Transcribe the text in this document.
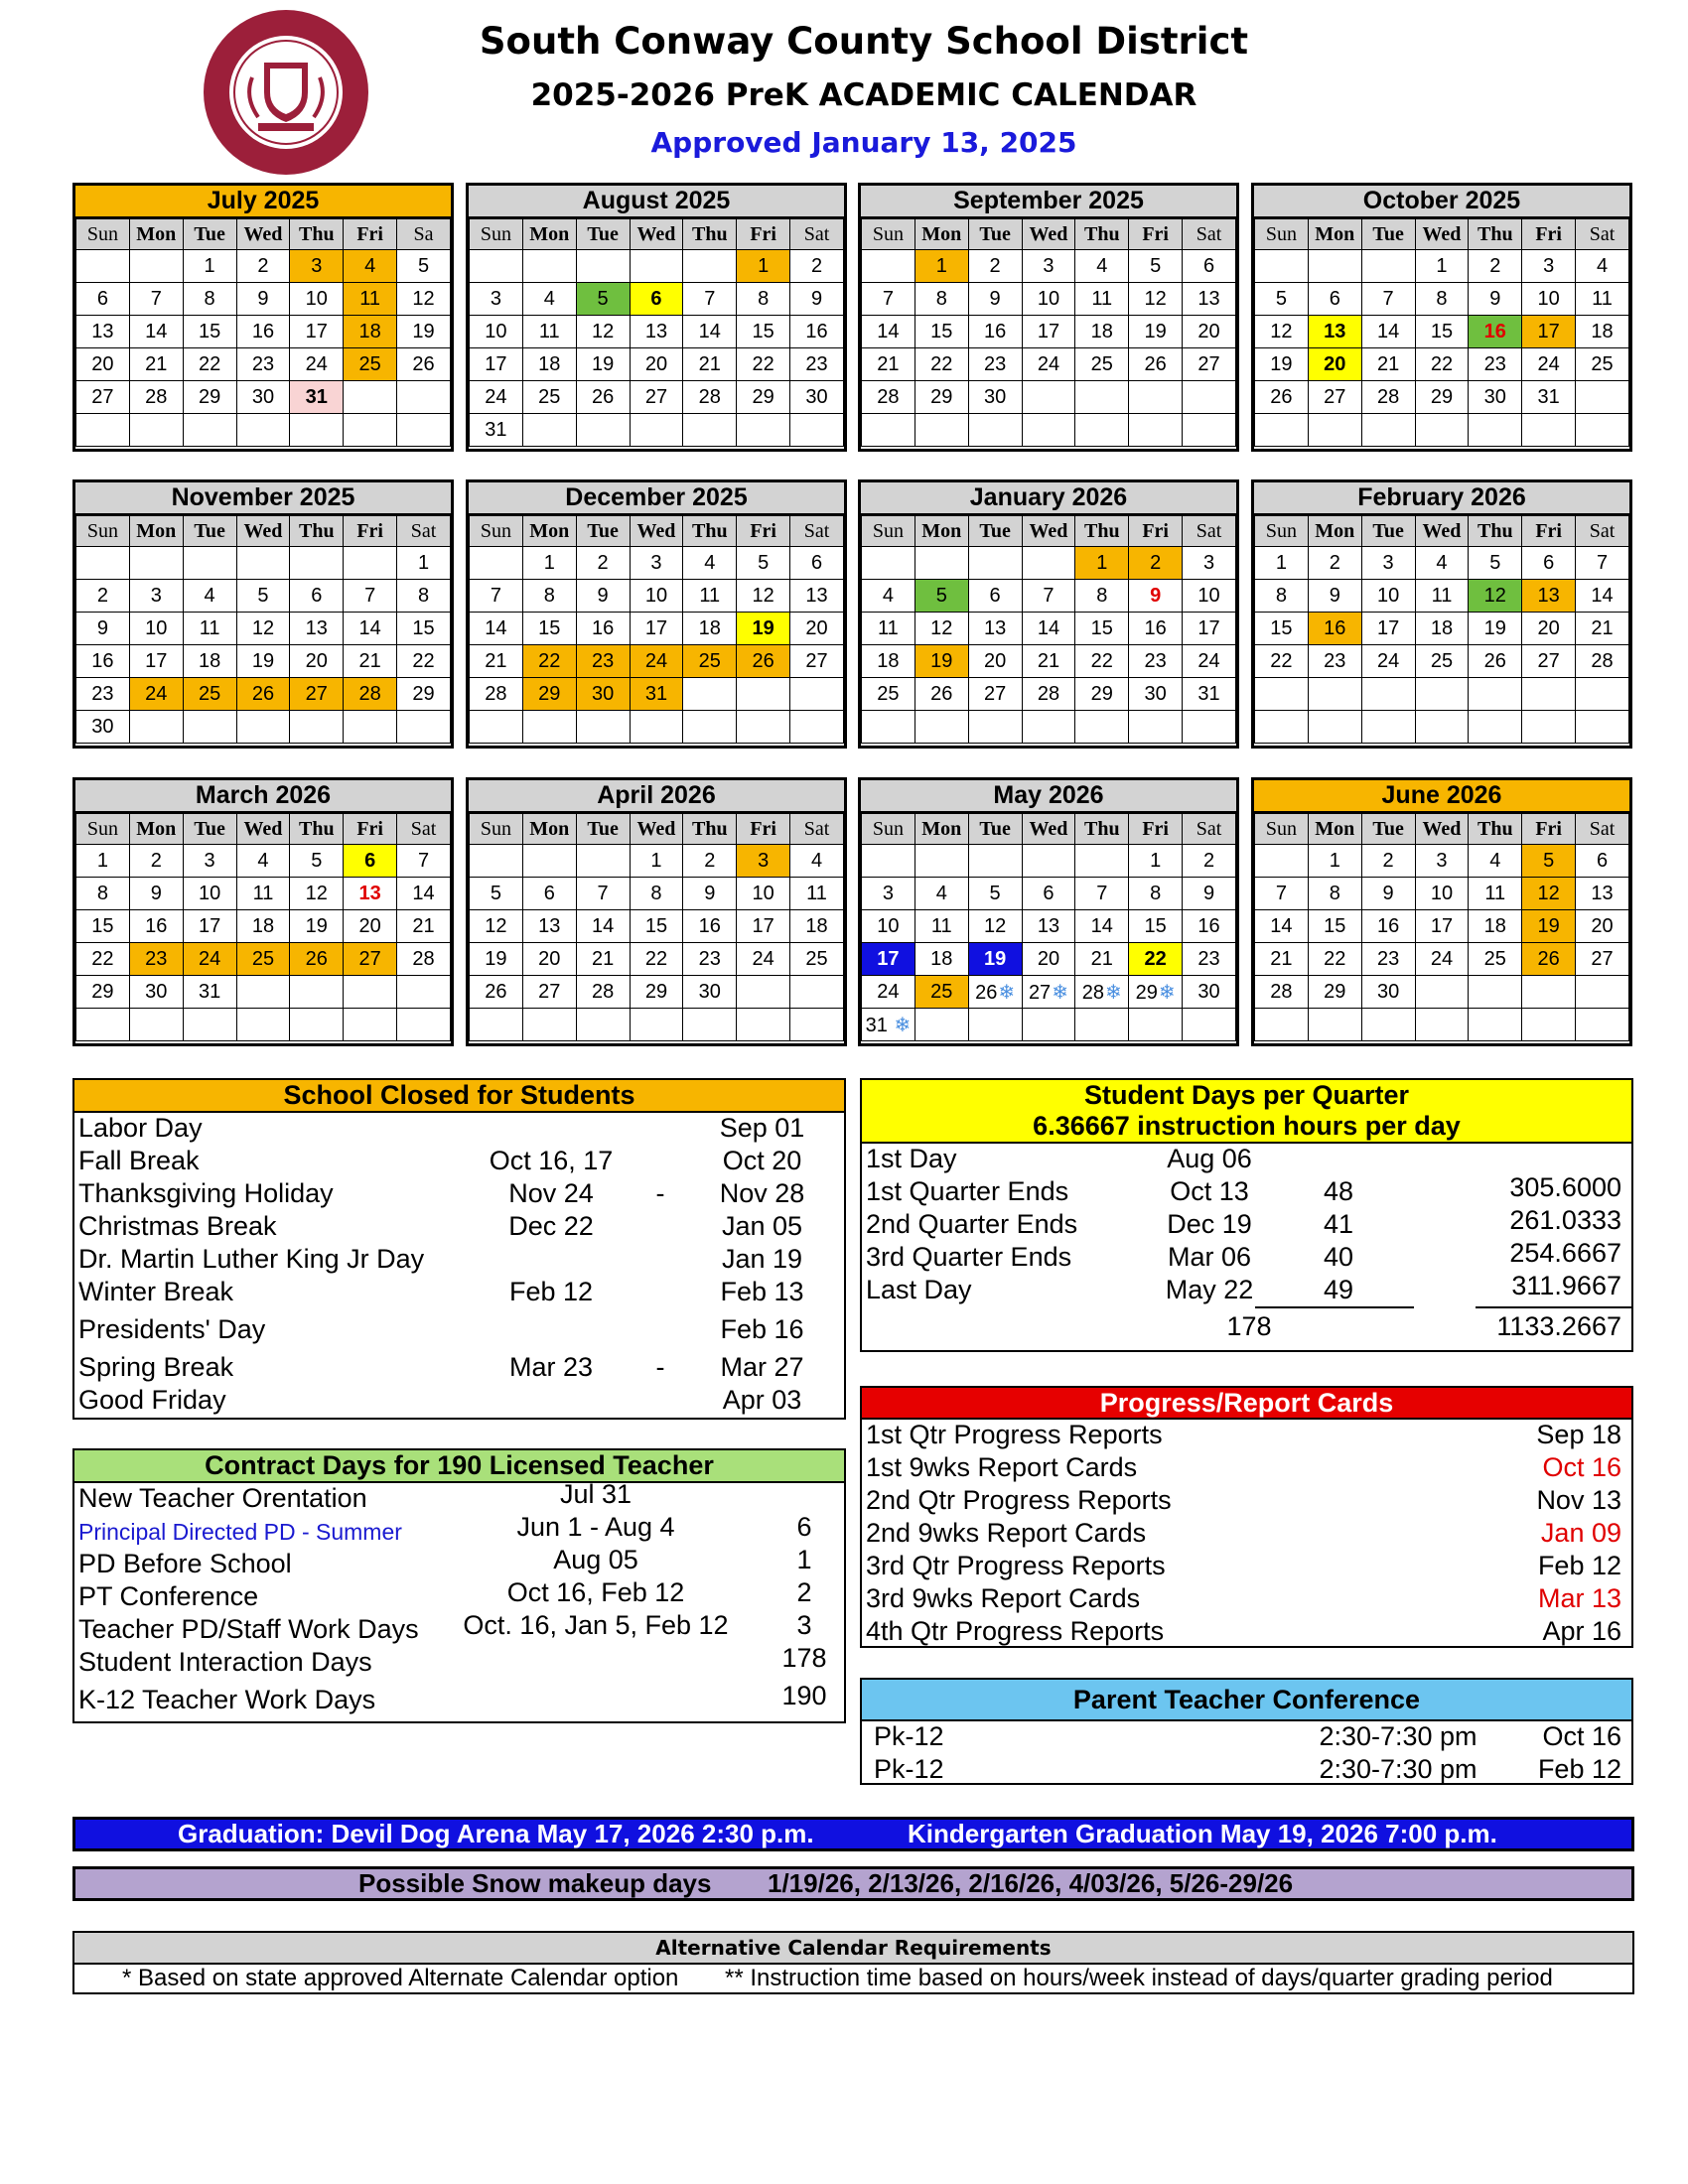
South Conway County School District
2025-2026 PreK ACADEMIC CALENDAR
Approved January 13, 2025
July 2025
Sun	Mon	Tue	Wed	Thu	Fri	Sa
		1	2	3	4	5
6	7	8	9	10	11	12
13	14	15	16	17	18	19
20	21	22	23	24	25	26
27	28	29	30	31		

August 2025
Sun	Mon	Tue	Wed	Thu	Fri	Sat
					1	2
3	4	5	6	7	8	9
10	11	12	13	14	15	16
17	18	19	20	21	22	23
24	25	26	27	28	29	30
31						
September 2025
Sun	Mon	Tue	Wed	Thu	Fri	Sat
	1	2	3	4	5	6
7	8	9	10	11	12	13
14	15	16	17	18	19	20
21	22	23	24	25	26	27
28	29	30				

October 2025
Sun	Mon	Tue	Wed	Thu	Fri	Sat
			1	2	3	4
5	6	7	8	9	10	11
12	13	14	15	16	17	18
19	20	21	22	23	24	25
26	27	28	29	30	31	

November 2025
Sun	Mon	Tue	Wed	Thu	Fri	Sat
						1
2	3	4	5	6	7	8
9	10	11	12	13	14	15
16	17	18	19	20	21	22
23	24	25	26	27	28	29
30						
December 2025
Sun	Mon	Tue	Wed	Thu	Fri	Sat
	1	2	3	4	5	6
7	8	9	10	11	12	13
14	15	16	17	18	19	20
21	22	23	24	25	26	27
28	29	30	31			

January 2026
Sun	Mon	Tue	Wed	Thu	Fri	Sat
				1	2	3
4	5	6	7	8	9	10
11	12	13	14	15	16	17
18	19	20	21	22	23	24
25	26	27	28	29	30	31

February 2026
Sun	Mon	Tue	Wed	Thu	Fri	Sat
1	2	3	4	5	6	7
8	9	10	11	12	13	14
15	16	17	18	19	20	21
22	23	24	25	26	27	28

March 2026
Sun	Mon	Tue	Wed	Thu	Fri	Sat
1	2	3	4	5	6	7
8	9	10	11	12	13	14
15	16	17	18	19	20	21
22	23	24	25	26	27	28
29	30	31				

April 2026
Sun	Mon	Tue	Wed	Thu	Fri	Sat
			1	2	3	4
5	6	7	8	9	10	11
12	13	14	15	16	17	18
19	20	21	22	23	24	25
26	27	28	29	30		

May 2026
Sun	Mon	Tue	Wed	Thu	Fri	Sat
					1	2
3	4	5	6	7	8	9
10	11	12	13	14	15	16
17	18	19	20	21	22	23
24	25	26❄	27❄	28❄	29❄	30
31 ❄						
June 2026
Sun	Mon	Tue	Wed	Thu	Fri	Sat
	1	2	3	4	5	6
7	8	9	10	11	12	13
14	15	16	17	18	19	20
21	22	23	24	25	26	27
28	29	30				

School Closed for Students
Labor Day	Sep 01
Fall Break	Oct 16, 17	Oct 20
Thanksgiving Holiday	Nov 24	-	Nov 28
Christmas Break	Dec 22	Jan 05
Dr. Martin Luther King Jr Day	Jan 19
Winter Break	Feb 12	Feb 13
Presidents' Day	Feb 16
Spring Break	Mar 23	-	Mar 27
Good Friday	Apr 03
Contract Days for 190 Licensed Teacher
New Teacher Orentation	Jul 31
Principal Directed PD - Summer	Jun 1 - Aug 4	6
PD Before School	Aug 05	1
PT Conference	Oct 16, Feb 12	2
Teacher PD/Staff Work Days	Oct. 16, Jan 5, Feb 12	3
Student Interaction Days	178
K-12 Teacher Work Days	190
Student Days per Quarter
6.36667 instruction hours per day
1st Day	Aug 06
1st Quarter Ends	Oct 13	48	305.6000
2nd Quarter Ends	Dec 19	41	261.0333
3rd Quarter Ends	Mar 06	40	254.6667
Last Day	May 22	49	311.9667
178	1133.2667
Progress/Report Cards
1st Qtr Progress Reports	Sep 18
1st 9wks Report Cards	Oct 16
2nd Qtr Progress Reports	Nov 13
2nd 9wks Report Cards	Jan 09
3rd Qtr Progress Reports	Feb 12
3rd 9wks Report Cards	Mar 13
4th Qtr Progress Reports	Apr 16
Parent Teacher Conference
Pk-12	2:30-7:30 pm	Oct 16
Pk-12	2:30-7:30 pm	Feb 12
Graduation: Devil Dog Arena May 17, 2026 2:30 p.m.	Kindergarten Graduation May 19, 2026 7:00 p.m.
Possible Snow makeup days 1/19/26, 2/13/26, 2/16/26, 4/03/26, 5/26-29/26
Alternative Calendar Requirements
* Based on state approved Alternate Calendar option ** Instruction time based on hours/week instead of days/quarter grading period
